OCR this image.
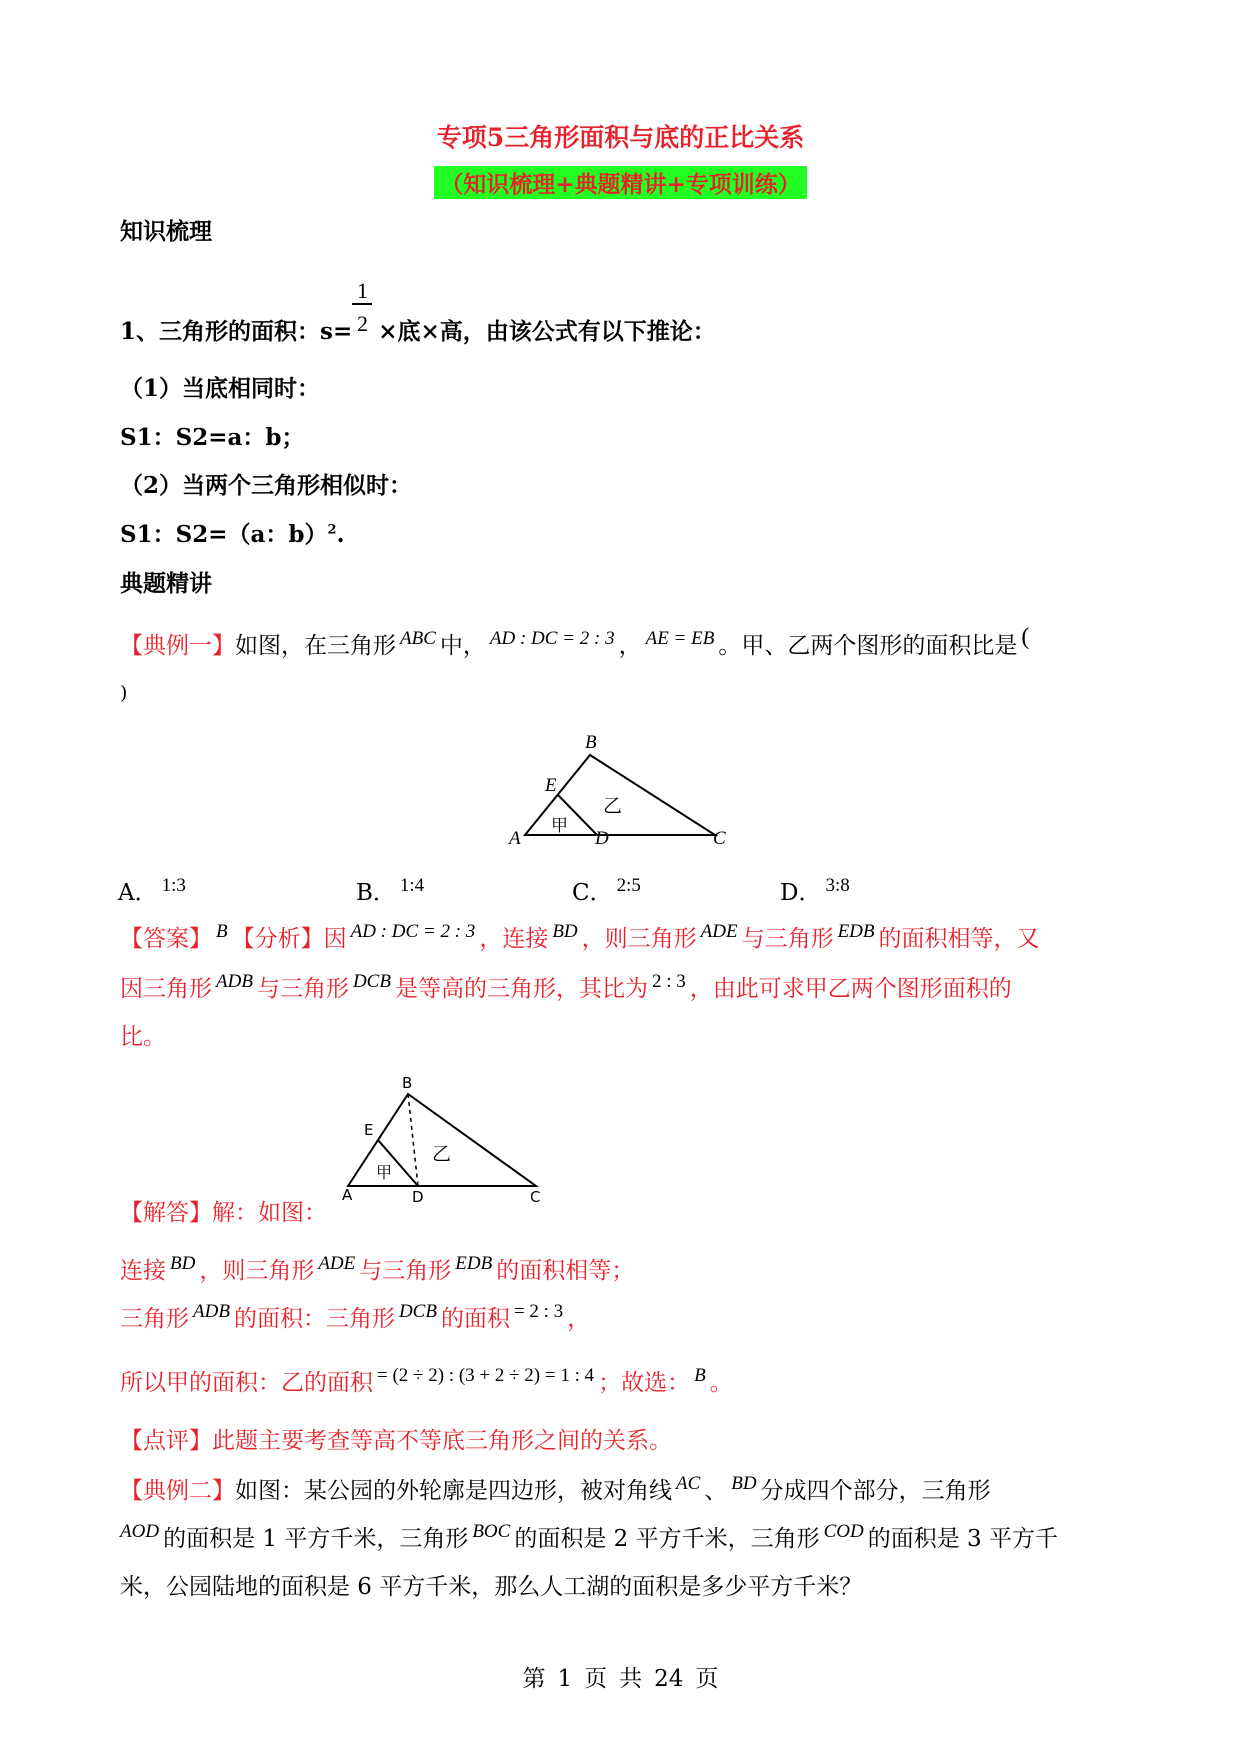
专项5三角形面积与底的正比关系
（知识梳理+典题精讲+专项训练）
知识梳理
1、三角形的面积：s= ×底×高，由该公式有以下推论：
1
2
（1）当底相同时：
S1：S2=a：b；
（2）当两个三角形相似时：
S1：S2=（a：b）$^2$.
典题精讲
【典例一】如图，在三角形 $^{ABC}$ 中， $^{AD : DC = 2 : 3}$ ， $^{AE = EB}$ 。甲、乙两个图形的面积比是 (
)
B
E
A	D	C
甲
乙
A． $^{1:3}$	B． $^{1:4}$	C． $^{2:5}$	D． $^{3:8}$
【答案】 $^B$ 【分析】因 $^{AD : DC = 2 : 3}$ ，连接 $^{BD}$ ，则三角形 $^{ADE}$ 与三角形 $^{EDB}$ 的面积相等，又
因三角形 $^{ADB}$ 与三角形 $^{DCB}$ 是等高的三角形，其比为 $^{2 : 3}$ ，由此可求甲乙两个图形面积的
比。
B
E
A	D	C
甲
乙
【解答】解：如图：
连接 $^{BD}$ ，则三角形 $^{ADE}$ 与三角形 $^{EDB}$ 的面积相等；
三角形 $^{ADB}$ 的面积：三角形 $^{DCB}$ 的面积 $^{= 2 : 3}$ ，
所以甲的面积：乙的面积 $^{= (2 \div 2) : (3 + 2 \div 2) = 1 : 4}$ ；故选： $^B$ 。
【点评】此题主要考查等高不等底三角形之间的关系。
【典例二】如图：某公园的外轮廓是四边形，被对角线 $^{AC}$ 、 $^{BD}$ 分成四个部分，三角形
$^{AOD}$ 的面积是 1 平方千米，三角形 $^{BOC}$ 的面积是 2 平方千米，三角形 $^{COD}$ 的面积是 3 平方千
米，公园陆地的面积是 6 平方千米，那么人工湖的面积是多少平方千米？
第 1 页 共 24 页
